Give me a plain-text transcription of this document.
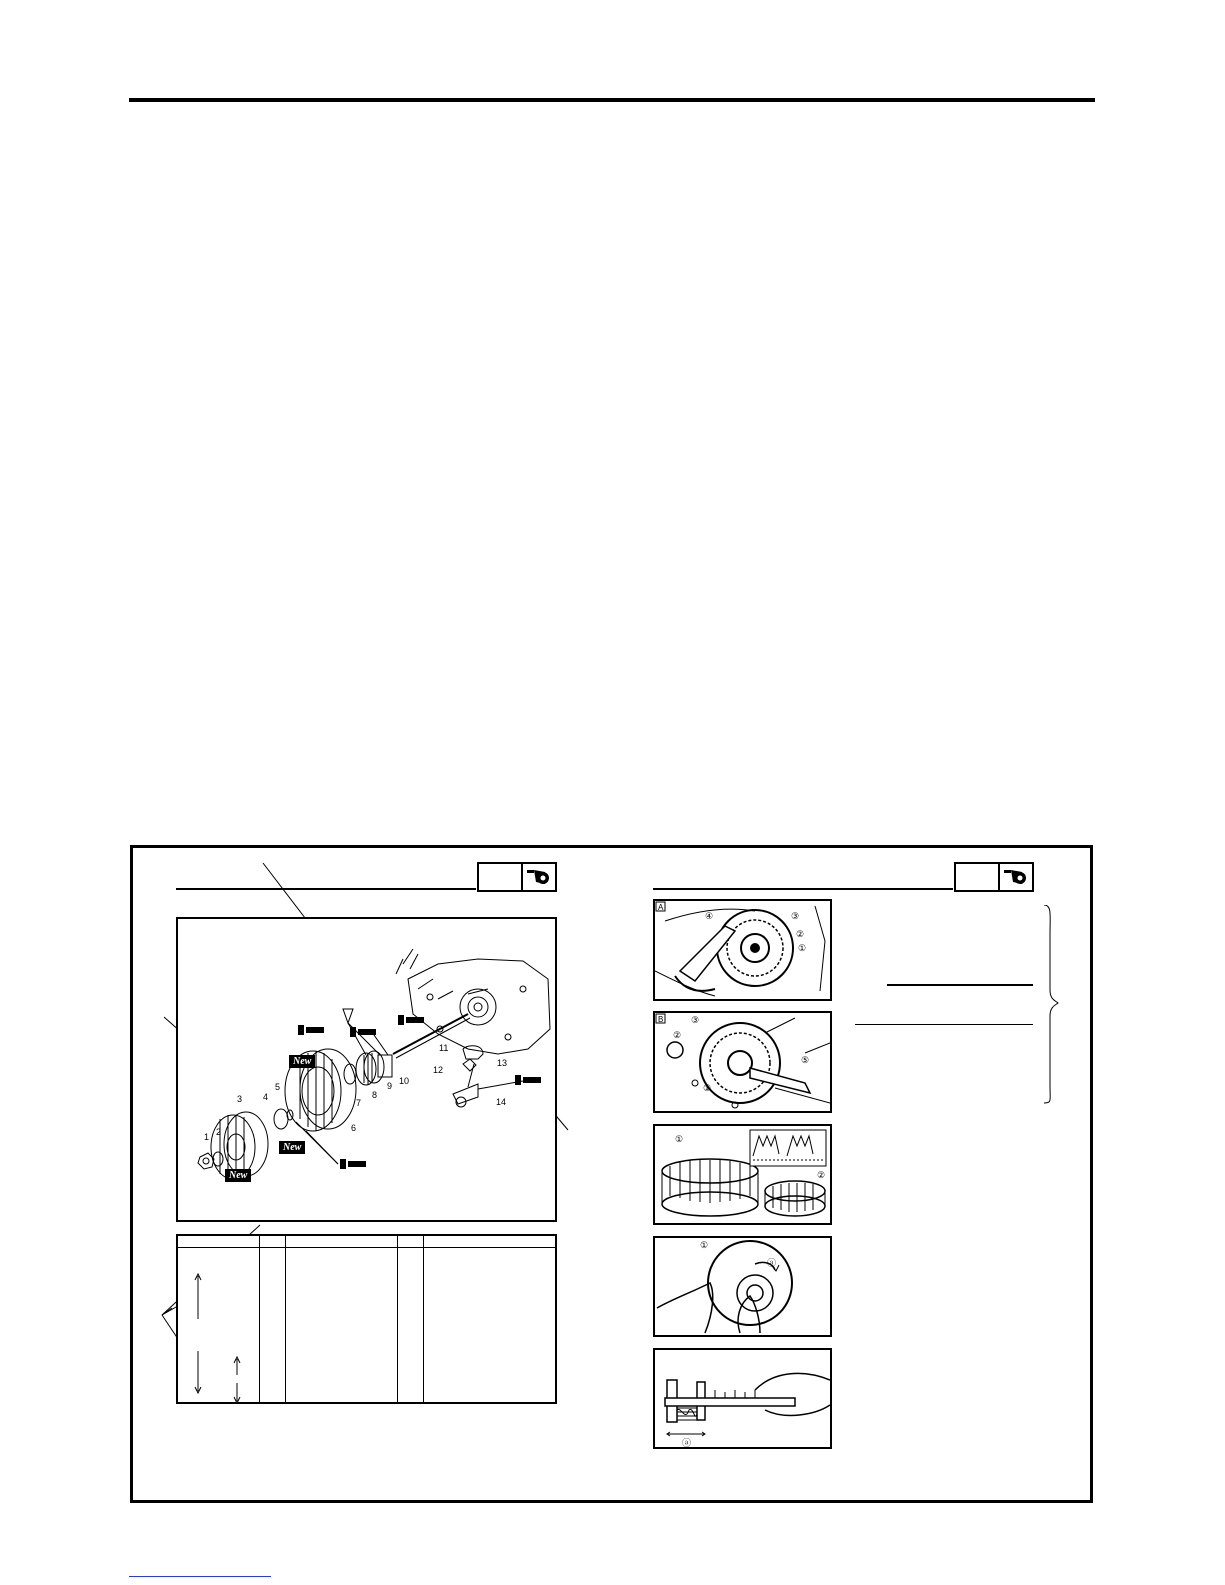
1 2
3 4
5
6
7
8
9 10
11
12
13
14
New
New
New
A
④	③
②
①
B	③
②
①
⑤
①
②
①
ⓐ
ⓐ
